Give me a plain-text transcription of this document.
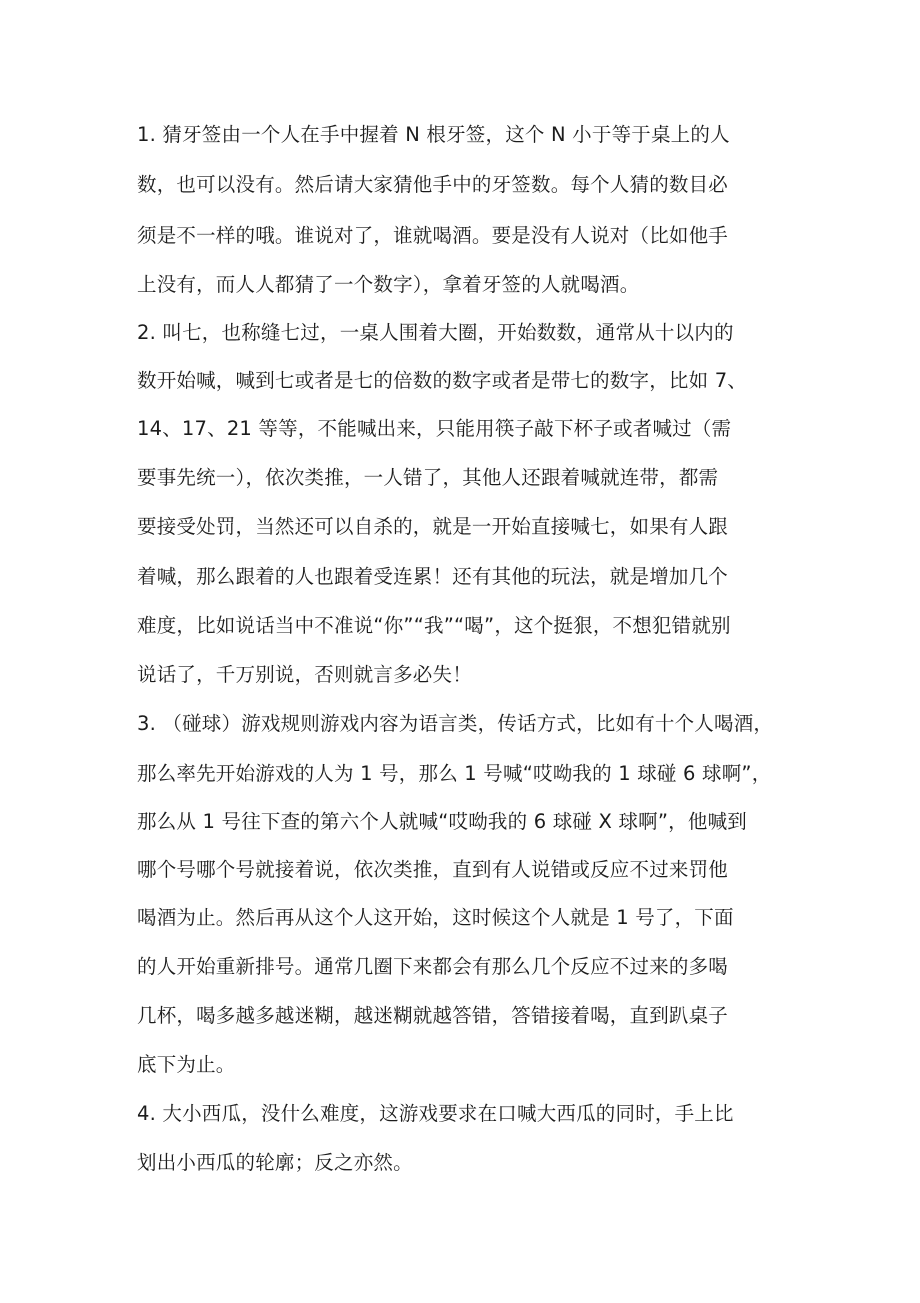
1. 猜牙签由一个人在手中握着 N 根牙签，这个 N 小于等于桌上的人
数，也可以没有。然后请大家猜他手中的牙签数。每个人猜的数目必
须是不一样的哦。谁说对了，谁就喝酒。要是没有人说对（比如他手
上没有，而人人都猜了一个数字），拿着牙签的人就喝酒。
2. 叫七，也称缝七过，一桌人围着大圈，开始数数，通常从十以内的
数开始喊，喊到七或者是七的倍数的数字或者是带七的数字，比如 7、
14、17、21 等等，不能喊出来，只能用筷子敲下杯子或者喊过（需
要事先统一），依次类推，一人错了，其他人还跟着喊就连带，都需
要接受处罚，当然还可以自杀的，就是一开始直接喊七，如果有人跟
着喊，那么跟着的人也跟着受连累！还有其他的玩法，就是增加几个
难度，比如说话当中不准说“你”“我”“喝”，这个挺狠，不想犯错就别
说话了，千万别说，否则就言多必失！
3. （碰球）游戏规则游戏内容为语言类，传话方式，比如有十个人喝酒，
那么率先开始游戏的人为 1 号，那么 1 号喊“哎呦我的 1 球碰 6 球啊”，
那么从 1 号往下查的第六个人就喊“哎呦我的 6 球碰 X 球啊”，他喊到
哪个号哪个号就接着说，依次类推，直到有人说错或反应不过来罚他
喝酒为止。然后再从这个人这开始，这时候这个人就是 1 号了，下面
的人开始重新排号。通常几圈下来都会有那么几个反应不过来的多喝
几杯，喝多越多越迷糊，越迷糊就越答错，答错接着喝，直到趴桌子
底下为止。
4. 大小西瓜，没什么难度，这游戏要求在口喊大西瓜的同时，手上比
划出小西瓜的轮廓；反之亦然。
